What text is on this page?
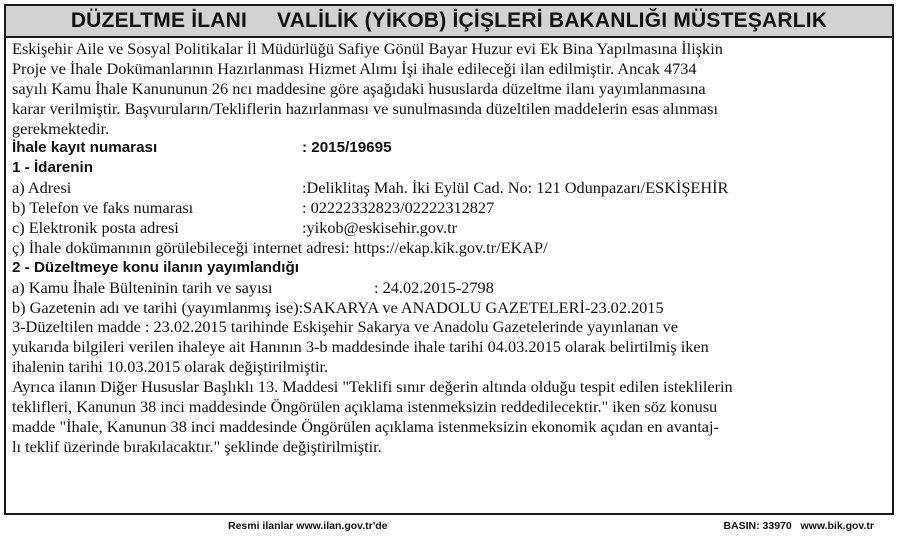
DÜZELTME İLANI VALİLİK (YİKOB) İÇİŞLERİ BAKANLIĞI MÜSTEŞARLIK
Eskişehir Aile ve Sosyal Politikalar İl Müdürlüğü Safiye Gönül Bayar Huzur evi Ek Bina Yapılmasına İlişkin
Proje ve İhale Dokümanlarının Hazırlanması Hizmet Alımı İşi ihale edileceği ilan edilmiştir. Ancak 4734
sayılı Kamu İhale Kanununun 26 ncı maddesine göre aşağıdaki hususlarda düzeltme ilanı yayımlanmasına
karar verilmiştir. Başvuruların/Tekliflerin hazırlanması ve sunulmasında düzeltilen maddelerin esas alınması
gerekmektedir.
İhale kayıt numarası	: 2015/19695
1 - İdarenin
a) Adresi	:Deliklitaş Mah. İki Eylül Cad. No: 121 Odunpazarı/ESKİŞEHİR
b) Telefon ve faks numarası	: 02222332823/02222312827
c) Elektronik posta adresi	:yikob@eskisehir.gov.tr
ç) İhale dokümanının görülebileceği internet adresi: https://ekap.kik.gov.tr/EKAP/
2 - Düzeltmeye konu ilanın yayımlandığı
a) Kamu İhale Bülteninin tarih ve sayısı	: 24.02.2015-2798
b) Gazetenin adı ve tarihi (yayımlanmış ise):SAKARYA ve ANADOLU GAZETELERİ-23.02.2015
3-Düzeltilen madde : 23.02.2015 tarihinde Eskişehir Sakarya ve Anadolu Gazetelerinde yayınlanan ve
yukarıda bilgileri verilen ihaleye ait Hanının 3-b maddesinde ihale tarihi 04.03.2015 olarak belirtilmiş iken
ihalenin tarihi 10.03.2015 olarak değiştirilmiştir.
Ayrıca ilanın Diğer Hususlar Başlıklı 13. Maddesi "Teklifi sınır değerin altında olduğu tespit edilen isteklilerin
teklifleri, Kanunun 38 inci maddesinde Öngörülen açıklama istenmeksizin reddedilecektir." iken söz konusu
madde "İhale, Kanunun 38 inci maddesinde Öngörülen açıklama istenmeksizin ekonomik açıdan en avantaj-
lı teklif üzerinde bırakılacaktır." şeklinde değiştirilmiştir.
Resmi ilanlar www.ilan.gov.tr'de	BASIN: 33970   www.bik.gov.tr
